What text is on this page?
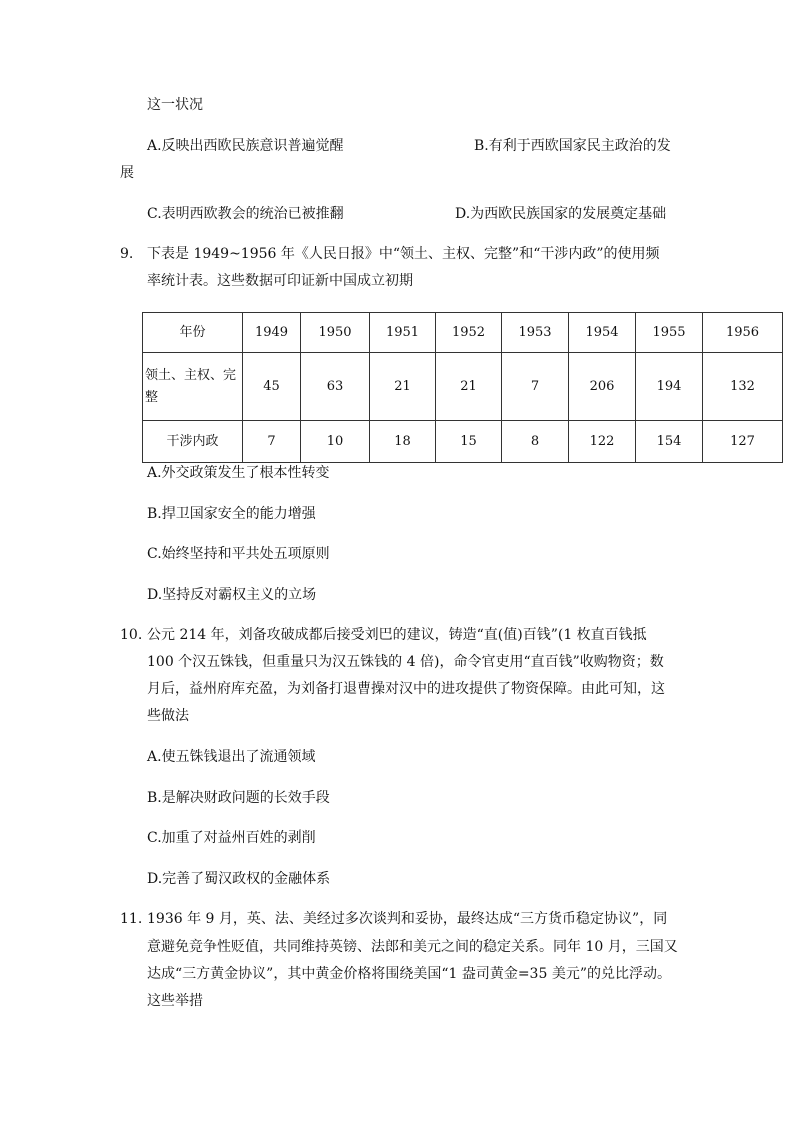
这一状况
A.反映出西欧民族意识普遍觉醒	B.有利于西欧国家民主政治的发
展
C.表明西欧教会的统治已被推翻	D.为西欧民族国家的发展奠定基础
9. 下表是 1949~1956 年《人民日报》中“领土、主权、完整”和“干涉内政”的使用频
率统计表。这些数据可印证新中国成立初期
年份	1949	1950	1951	1952	1953	1954	1955	1956
领土、主权、完
整	45	63	21	21	7	206	194	132
干涉内政	7	10	18	15	8	122	154	127
A.外交政策发生了根本性转变
B.捍卫国家安全的能力增强
C.始终坚持和平共处五项原则
D.坚持反对霸权主义的立场
10. 公元 214 年，刘备攻破成都后接受刘巴的建议，铸造“直(值)百钱”(1 枚直百钱抵
100 个汉五铢钱，但重量只为汉五铢钱的 4 倍)，命令官吏用“直百钱”收购物资；数
月后，益州府库充盈，为刘备打退曹操对汉中的进攻提供了物资保障。由此可知，这
些做法
A.使五铢钱退出了流通领域
B.是解决财政问题的长效手段
C.加重了对益州百姓的剥削
D.完善了蜀汉政权的金融体系
11. 1936 年 9 月，英、法、美经过多次谈判和妥协，最终达成“三方货币稳定协议”，同
意避免竞争性贬值，共同维持英镑、法郎和美元之间的稳定关系。同年 10 月，三国又
达成“三方黄金协议”，其中黄金价格将围绕美国“1 盎司黄金=35 美元”的兑比浮动。
这些举措
